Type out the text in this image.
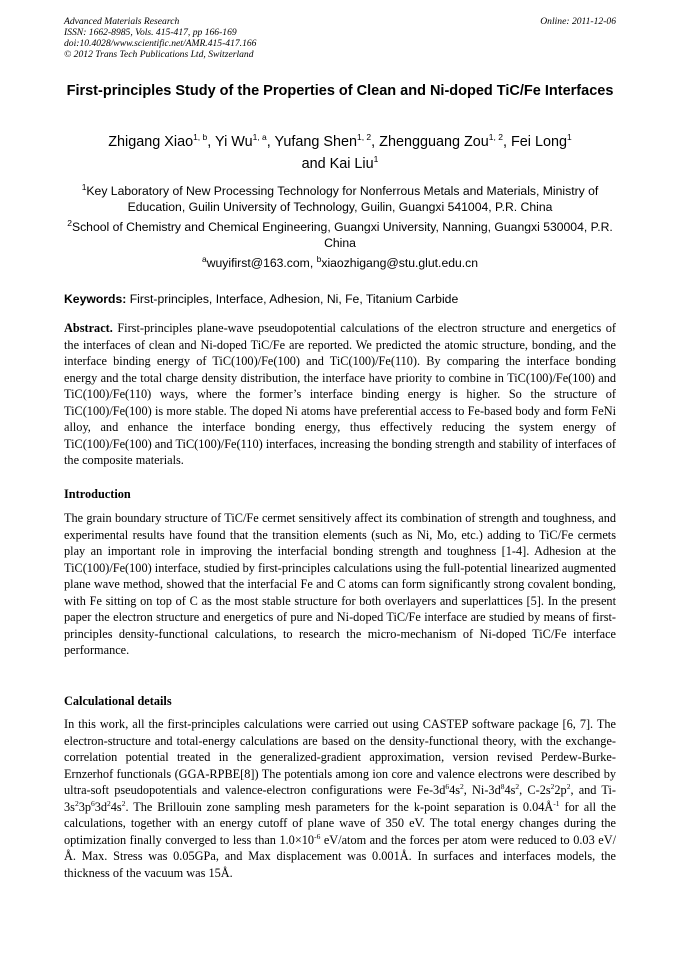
Advanced Materials Research
ISSN: 1662-8985, Vols. 415-417, pp 166-169
doi:10.4028/www.scientific.net/AMR.415-417.166
© 2012 Trans Tech Publications Ltd, Switzerland
Online: 2011-12-06
First-principles Study of the Properties of Clean and Ni-doped TiC/Fe Interfaces
Zhigang Xiao$^{1, b}$, Yi Wu$^{1, a}$, Yufang Shen$^{1, 2}$, Zhengguang Zou$^{1, 2}$, Fei Long$^1$
and Kai Liu$^1$
$^1$Key Laboratory of New Processing Technology for Nonferrous Metals and Materials, Ministry of Education, Guilin University of Technology, Guilin, Guangxi 541004, P.R. China
$^2$School of Chemistry and Chemical Engineering, Guangxi University, Nanning, Guangxi 530004, P.R. China
$^a$wuyifirst@163.com, $^b$xiaozhigang@stu.glut.edu.cn
Keywords: First-principles, Interface, Adhesion, Ni, Fe, Titanium Carbide
Abstract. First-principles plane-wave pseudopotential calculations of the electron structure and energetics of the interfaces of clean and Ni-doped TiC/Fe are reported. We predicted the atomic structure, bonding, and the interface binding energy of TiC(100)/Fe(100) and TiC(100)/Fe(110). By comparing the interface bonding energy and the total charge density distribution, the interface have priority to combine in TiC(100)/Fe(100) and TiC(100)/Fe(110) ways, where the former’s interface binding energy is higher. So the structure of TiC(100)/Fe(100) is more stable. The doped Ni atoms have preferential access to Fe-based body and form FeNi alloy, and enhance the interface bonding energy, thus effectively reducing the system energy of TiC(100)/Fe(100) and TiC(100)/Fe(110) interfaces, increasing the bonding strength and stability of interfaces of the composite materials.
Introduction
The grain boundary structure of TiC/Fe cermet sensitively affect its combination of strength and toughness, and experimental results have found that the transition elements (such as Ni, Mo, etc.) adding to TiC/Fe cermets play an important role in improving the interfacial bonding strength and toughness [1-4]. Adhesion at the TiC(100)/Fe(100) interface, studied by first-principles calculations using the full-potential linearized augmented plane wave method, showed that the interfacial Fe and C atoms can form significantly strong covalent bonding, with Fe sitting on top of C as the most stable structure for both overlayers and superlattices [5]. In the present paper the electron structure and energetics of pure and Ni-doped TiC/Fe interface are studied by means of first-principles density-functional calculations, to research the micro-mechanism of Ni-doped TiC/Fe interface performance.
Calculational details
In this work, all the first-principles calculations were carried out using CASTEP software package [6, 7]. The electron-structure and total-energy calculations are based on the density-functional theory, with the exchange-correlation potential treated in the generalized-gradient approximation, version revised Perdew-Burke-Ernzerhof functionals (GGA-RPBE[8]) The potentials among ion core and valence electrons were described by ultra-soft pseudopotentials and valence-electron configurations were $Fe-3d^64s^2$, $Ni-3d^84s^2$, $C-2s^22p^2$, and $Ti-3s^23p^63d^24s^2$. The Brillouin zone sampling mesh parameters for the k-point separation is $0.04Å^{-1}$ for all the calculations, together with an energy cutoff of plane wave of 350 eV. The total energy changes during the optimization finally converged to less than $1.0\times 10^{-6}$ eV/atom and the forces per atom were reduced to 0.03 eV/Å. Max. Stress was 0.05GPa, and Max displacement was 0.001Å. In surfaces and interfaces models, the thickness of the vacuum was 15Å.
